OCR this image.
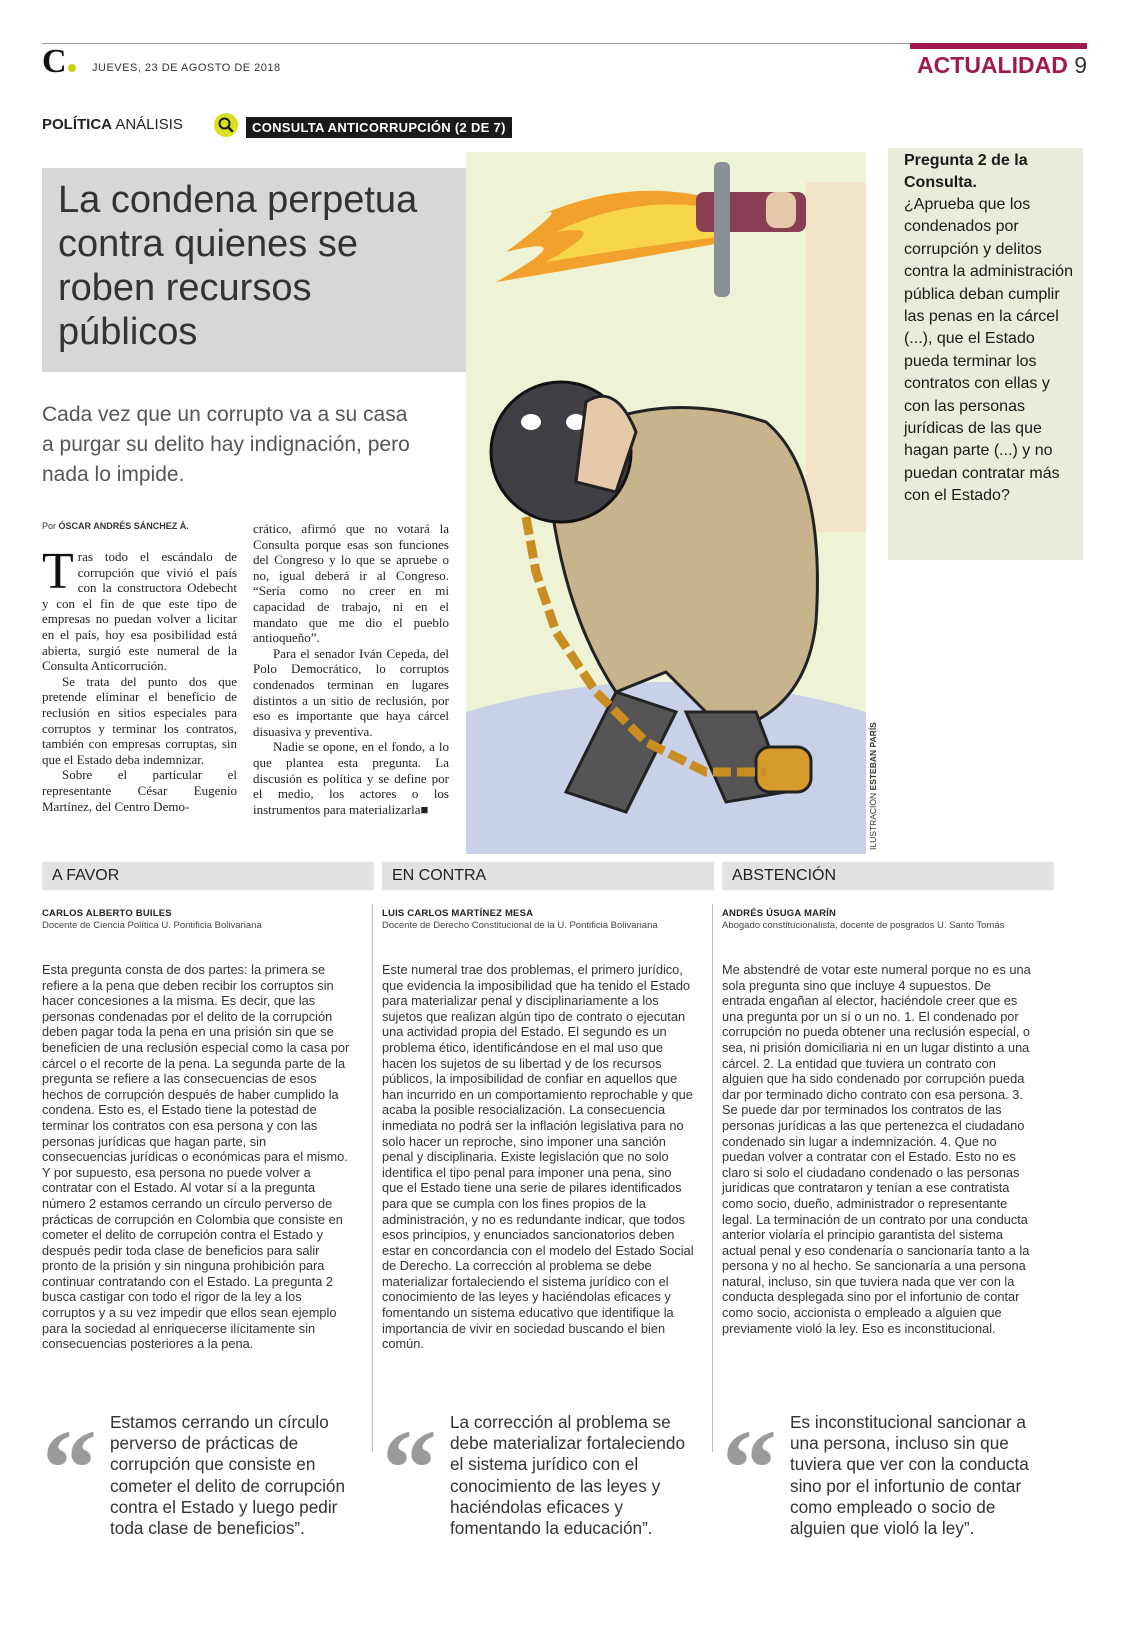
C	JUEVES, 23 DE AGOSTO DE 2018	ACTUALIDAD 9
POLÍTICA ANÁLISIS	CONSULTA ANTICORRUPCIÓN (2 DE 7)
La condena perpetua contra quienes se roben recursos públicos
Cada vez que un corrupto va a su casa a purgar su delito hay indignación, pero nada lo impide.
Por ÓSCAR ANDRÉS SÁNCHEZ Á.

Tras todo el escándalo de corrupción que vivió el país con la constructora Odebecht y con el fin de que este tipo de empresas no puedan volver a licitar en el país, hoy esa posibilidad está abierta, surgió este numeral de la Consulta Anticorrución.

Se trata del punto dos que pretende eliminar el beneficio de reclusión en sitios especiales para corruptos y terminar los contratos, también con empresas corruptas, sin que el Estado deba indemnizar.

Sobre el particular el representante César Eugenio Martínez, del Centro Demo-

crático, afirmó que no votará la Consulta porque esas son funciones del Congreso y lo que se apruebe o no, igual deberá ir al Congreso. “Sería como no creer en mi capacidad de trabajo, ni en el mandato que me dio el pueblo antioqueño”.

Para el senador Iván Cepeda, del Polo Democrático, lo corruptos condenados terminan en lugares distintos a un sitio de reclusión, por eso es importante que haya cárcel disuasiva y preventiva.

Nadie se opone, en el fondo, a lo que plantea esta pregunta. La discusión es política y se define por el medio, los actores o los instrumentos para materializarla■	ILUSTRACIÓN ESTEBAN PARÍS
Pregunta 2 de la Consulta.
¿Aprueba que los condenados por corrupción y delitos contra la administración pública deban cumplir las penas en la cárcel (...), que el Estado pueda terminar los contratos con ellas y con las personas jurídicas de las que hagan parte (...) y no puedan contratar más con el Estado?
A FAVOR	EN CONTRA	ABSTENCIÓN
CARLOS ALBERTO BUILES
Docente de Ciencia Política U. Pontificia Bolivariana
LUIS CARLOS MARTÍNEZ MESA
Docente de Derecho Constitucional de la U. Pontificia Bolivariana
ANDRÉS ÚSUGA MARÍN
Abogado constitucionalista, docente de posgrados U. Santo Tomás
Esta pregunta consta de dos partes: la primera se refiere a la pena que deben recibir los corruptos sin hacer concesiones a la misma. Es decir, que las personas condenadas por el delito de la corrupción deben pagar toda la pena en una prisión sin que se beneficien de una reclusión especial como la casa por cárcel o el recorte de la pena. La segunda parte de la pregunta se refiere a las consecuencias de esos hechos de corrupción después de haber cumplido la condena. Esto es, el Estado tiene la potestad de terminar los contratos con esa persona y con las personas jurídicas que hagan parte, sin consecuencias jurídicas o económicas para el mismo. Y por supuesto, esa persona no puede volver a contratar con el Estado. Al votar sí a la pregunta número 2 estamos cerrando un círculo perverso de prácticas de corrupción en Colombia que consiste en cometer el delito de corrupción contra el Estado y después pedir toda clase de beneficios para salir pronto de la prisión y sin ninguna prohibición para continuar contratando con el Estado. La pregunta 2 busca castigar con todo el rigor de la ley a los corruptos y a su vez impedir que ellos sean ejemplo para la sociedad al enriquecerse ilícitamente sin consecuencias posteriores a la pena.
Este numeral trae dos problemas, el primero jurídico, que evidencia la imposibilidad que ha tenido el Estado para materializar penal y disciplinariamente a los sujetos que realizan algún tipo de contrato o ejecutan una actividad propia del Estado. El segundo es un problema ético, identificándose en el mal uso que hacen los sujetos de su libertad y de los recursos públicos, la imposibilidad de confiar en aquellos que han incurrido en un comportamiento reprochable y que acaba la posible resocialización. La consecuencia inmediata no podrá ser la inflación legislativa para no solo hacer un reproche, sino imponer una sanción penal y disciplinaria. Existe legislación que no solo identifica el tipo penal para imponer una pena, sino que el Estado tiene una serie de pilares identificados para que se cumpla con los fines propios de la administración, y no es redundante indicar, que todos esos principios, y enunciados sancionatorios deben estar en concordancia con el modelo del Estado Social de Derecho. La corrección al problema se debe materializar fortaleciendo el sistema jurídico con el conocimiento de las leyes y haciéndolas eficaces y fomentando un sistema educativo que identifique la importancia de vivir en sociedad buscando el bien común.
Me abstendré de votar este numeral porque no es una sola pregunta sino que incluye 4 supuestos. De entrada engañan al elector, haciéndole creer que es una pregunta por un sí o un no. 1. El condenado por corrupción no pueda obtener una reclusión especial, o sea, ni prisión domiciliaria ni en un lugar distinto a una cárcel. 2. La entidad que tuviera un contrato con alguien que ha sido condenado por corrupción pueda dar por terminado dicho contrato con esa persona. 3. Se puede dar por terminados los contratos de las personas jurídicas a las que pertenezca el ciudadano condenado sin lugar a indemnización. 4. Que no puedan volver a contratar con el Estado. Esto no es claro si solo el ciudadano condenado o las personas jurídicas que contrataron y tenían a ese contratista como socio, dueño, administrador o representante legal. La terminación de un contrato por una conducta anterior violaría el principio garantista del sistema actual penal y eso condenaría o sancionaría tanto a la persona y no al hecho. Se sancionaría a una persona natural, incluso, sin que tuviera nada que ver con la conducta desplegada sino por el infortunio de contar como socio, accionista o empleado a alguien que previamente violó la ley. Eso es inconstitucional.
“ Estamos cerrando un círculo perverso de prácticas de corrupción que consiste en cometer el delito de corrupción contra el Estado y luego pedir toda clase de beneficios”. “ La corrección al problema se debe materializar fortaleciendo el sistema jurídico con el conocimiento de las leyes y haciéndolas eficaces y fomentando la educación”. “ Es inconstitucional sancionar a una persona, incluso sin que tuviera que ver con la conducta sino por el infortunio de contar como empleado o socio de alguien que violó la ley”.
